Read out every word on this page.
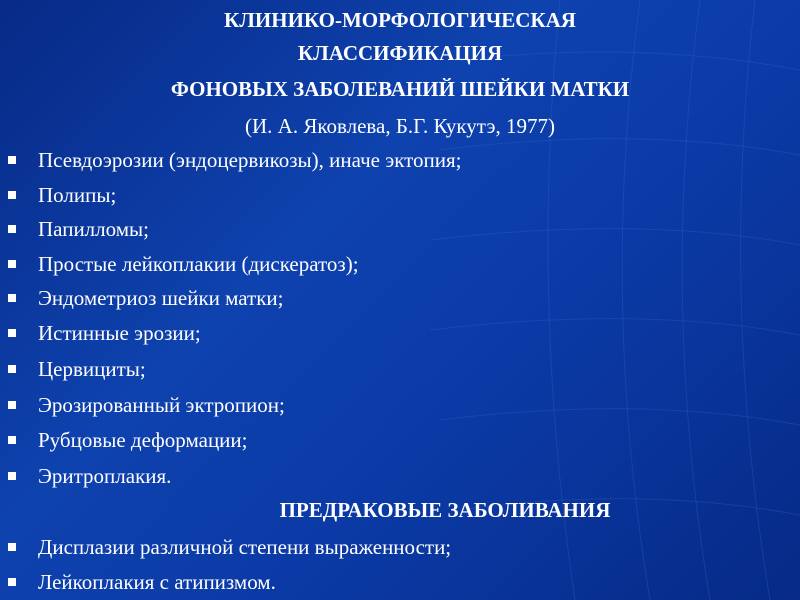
КЛИНИКО-МОРФОЛОГИЧЕСКАЯ
КЛАССИФИКАЦИЯ
ФОНОВЫХ ЗАБОЛЕВАНИЙ ШЕЙКИ МАТКИ
(И. А. Яковлева, Б.Г. Кукутэ, 1977)
Псевдоэрозии (эндоцервикозы), иначе эктопия;
Полипы;
Папилломы;
Простые лейкоплакии (дискератоз);
Эндометриоз шейки матки;
Истинные эрозии;
Цервициты;
Эрозированный эктропион;
Рубцовые деформации;
Эритроплакия.
ПРЕДРАКОВЫЕ ЗАБОЛИВАНИЯ
Дисплазии различной степени выраженности;
Лейкоплакия с атипизмом.
